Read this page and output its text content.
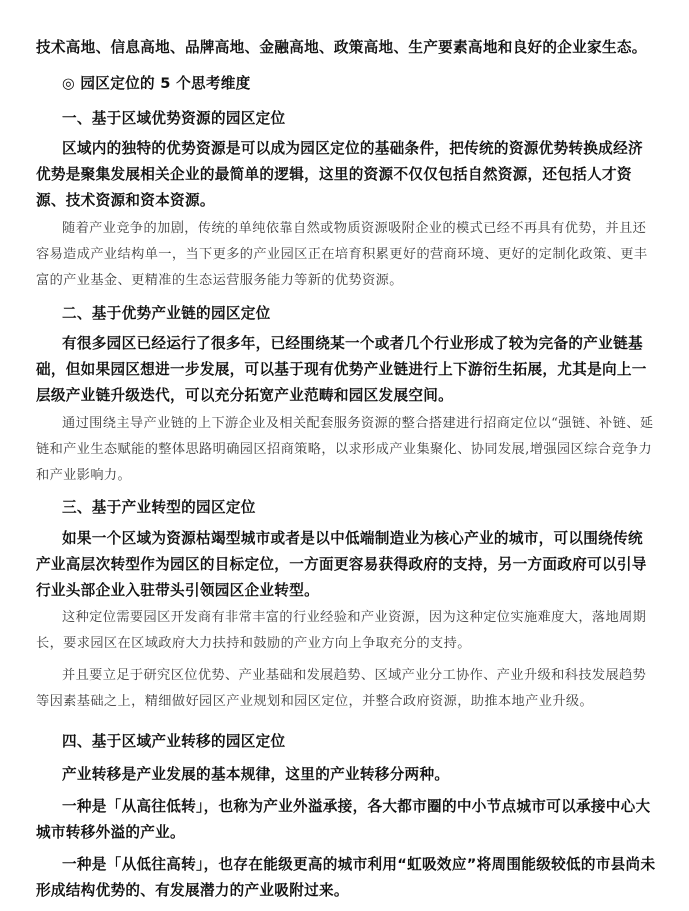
技术高地、信息高地、品牌高地、金融高地、政策高地、生产要素高地和良好的企业家生态。

◎ 园区定位的 5 个思考维度

一、基于区域优势资源的园区定位

区域内的独特的优势资源是可以成为园区定位的基础条件，把传统的资源优势转换成经济优势是聚集发展相关企业的最简单的逻辑，这里的资源不仅仅包括自然资源，还包括人才资源、技术资源和资本资源。

随着产业竞争的加剧，传统的单纯依靠自然或物质资源吸附企业的模式已经不再具有优势，并且还容易造成产业结构单一，当下更多的产业园区正在培育积累更好的营商环境、更好的定制化政策、更丰富的产业基金、更精准的生态运营服务能力等新的优势资源。

二、基于优势产业链的园区定位

有很多园区已经运行了很多年，已经围绕某一个或者几个行业形成了较为完备的产业链基础，但如果园区想进一步发展，可以基于现有优势产业链进行上下游衍生拓展，尤其是向上一层级产业链升级迭代，可以充分拓宽产业范畴和园区发展空间。

通过围绕主导产业链的上下游企业及相关配套服务资源的整合搭建进行招商定位以“强链、补链、延链和产业生态赋能的整体思路明确园区招商策略，以求形成产业集聚化、协同发展,增强园区综合竞争力和产业影响力。

三、基于产业转型的园区定位

如果一个区域为资源枯竭型城市或者是以中低端制造业为核心产业的城市，可以围绕传统产业高层次转型作为园区的目标定位，一方面更容易获得政府的支持，另一方面政府可以引导行业头部企业入驻带头引领园区企业转型。

这种定位需要园区开发商有非常丰富的行业经验和产业资源，因为这种定位实施难度大，落地周期长，要求园区在区域政府大力扶持和鼓励的产业方向上争取充分的支持。

并且要立足于研究区位优势、产业基础和发展趋势、区域产业分工协作、产业升级和科技发展趋势等因素基础之上，精细做好园区产业规划和园区定位，并整合政府资源，助推本地产业升级。

四、基于区域产业转移的园区定位

产业转移是产业发展的基本规律，这里的产业转移分两种。

一种是「从高往低转」，也称为产业外溢承接，各大都市圈的中小节点城市可以承接中心大城市转移外溢的产业。

一种是「从低往高转」，也存在能级更高的城市利用“虹吸效应”将周围能级较低的市县尚未形成结构优势的、有发展潜力的产业吸附过来。
